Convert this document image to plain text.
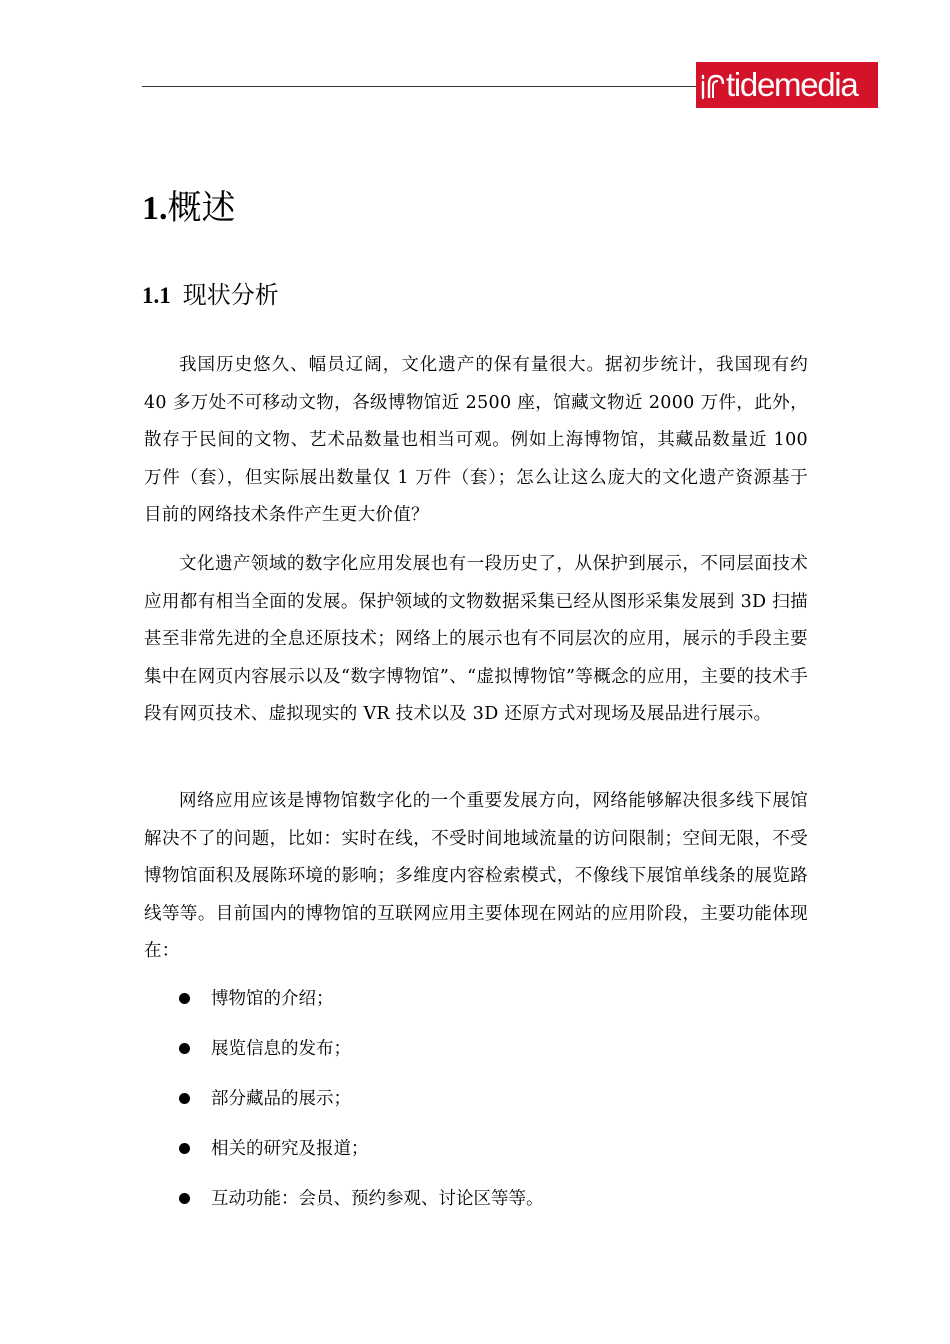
tidemedia
1.概述
1.1 现状分析

我国历史悠久、幅员辽阔，文化遗产的保有量很大。据初步统计，我国现有约 40 多万处不可移动文物，各级博物馆近 2500 座，馆藏文物近 2000 万件，此外，散存于民间的文物、艺术品数量也相当可观。例如上海博物馆，其藏品数量近 100 万件（套），但实际展出数量仅 1 万件（套）；怎么让这么庞大的文化遗产资源基于目前的网络技术条件产生更大价值？

文化遗产领域的数字化应用发展也有一段历史了，从保护到展示，不同层面技术应用都有相当全面的发展。保护领域的文物数据采集已经从图形采集发展到 3D 扫描甚至非常先进的全息还原技术；网络上的展示也有不同层次的应用，展示的手段主要集中在网页内容展示以及“数字博物馆”、“虚拟博物馆”等概念的应用，主要的技术手段有网页技术、虚拟现实的 VR 技术以及 3D 还原方式对现场及展品进行展示。

网络应用应该是博物馆数字化的一个重要发展方向，网络能够解决很多线下展馆解决不了的问题，比如：实时在线，不受时间地域流量的访问限制；空间无限，不受博物馆面积及展陈环境的影响；多维度内容检索模式，不像线下展馆单线条的展览路线等等。目前国内的博物馆的互联网应用主要体现在网站的应用阶段，主要功能体现在：

博物馆的介绍；
展览信息的发布；
部分藏品的展示；
相关的研究及报道；
互动功能：会员、预约参观、讨论区等等。
